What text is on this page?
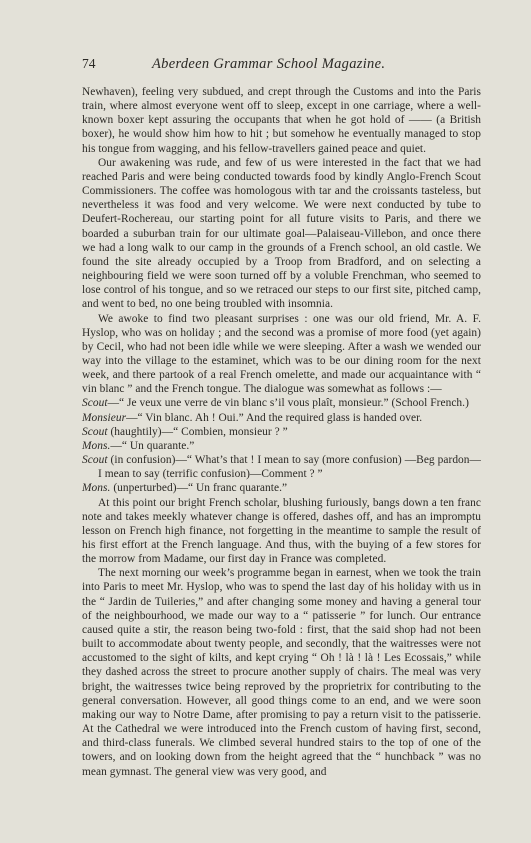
74	Aberdeen Grammar School Magazine.

Newhaven), feeling very subdued, and crept through the Customs and into the Paris train, where almost everyone went off to sleep, except in one carriage, where a well-known boxer kept assuring the occupants that when he got hold of —— (a British boxer), he would show him how to hit ; but somehow he eventually managed to stop his tongue from wagging, and his fellow-travellers gained peace and quiet.

Our awakening was rude, and few of us were interested in the fact that we had reached Paris and were being conducted towards food by kindly Anglo-French Scout Commissioners. The coffee was homologous with tar and the croissants tasteless, but nevertheless it was food and very welcome. We were next conducted by tube to Deufert-Rochereau, our starting point for all future visits to Paris, and there we boarded a suburban train for our ultimate goal—Palaiseau-Villebon, and once there we had a long walk to our camp in the grounds of a French school, an old castle. We found the site already occupied by a Troop from Bradford, and on selecting a neighbouring field we were soon turned off by a voluble Frenchman, who seemed to lose control of his tongue, and so we retraced our steps to our first site, pitched camp, and went to bed, no one being troubled with insomnia.

We awoke to find two pleasant surprises : one was our old friend, Mr. A. F. Hyslop, who was on holiday ; and the second was a promise of more food (yet again) by Cecil, who had not been idle while we were sleeping. After a wash we wended our way into the village to the estaminet, which was to be our dining room for the next week, and there partook of a real French omelette, and made our acquaintance with “ vin blanc ” and the French tongue. The dialogue was somewhat as follows :—

Scout—“ Je veux une verre de vin blanc s’il vous plaît, monsieur.” (School French.)

Monsieur—“ Vin blanc. Ah ! Oui.” And the required glass is handed over.

Scout (haughtily)—“ Combien, monsieur ? ”

Mons.—“ Un quarante.”

Scout (in confusion)—“ What’s that ! I mean to say (more confusion) —Beg pardon—I mean to say (terrific confusion)—Comment ? ”

Mons. (unperturbed)—“ Un franc quarante.”

At this point our bright French scholar, blushing furiously, bangs down a ten franc note and takes meekly whatever change is offered, dashes off, and has an impromptu lesson on French high finance, not forgetting in the meantime to sample the result of his first effort at the French language. And thus, with the buying of a few stores for the morrow from Madame, our first day in France was completed.

The next morning our week’s programme began in earnest, when we took the train into Paris to meet Mr. Hyslop, who was to spend the last day of his holiday with us in the “ Jardin de Tuileries,” and after changing some money and having a general tour of the neighbourhood, we made our way to a “ patisserie ” for lunch. Our entrance caused quite a stir, the reason being two-fold : first, that the said shop had not been built to accommodate about twenty people, and secondly, that the waitresses were not accustomed to the sight of kilts, and kept crying “ Oh ! là ! là ! Les Ecossais,” while they dashed across the street to procure another supply of chairs. The meal was very bright, the waitresses twice being reproved by the proprietrix for contributing to the general conversation. However, all good things come to an end, and we were soon making our way to Notre Dame, after promising to pay a return visit to the patisserie. At the Cathedral we were introduced into the French custom of having first, second, and third-class funerals. We climbed several hundred stairs to the top of one of the towers, and on looking down from the height agreed that the “ hunchback ” was no mean gymnast. The general view was very good, and
